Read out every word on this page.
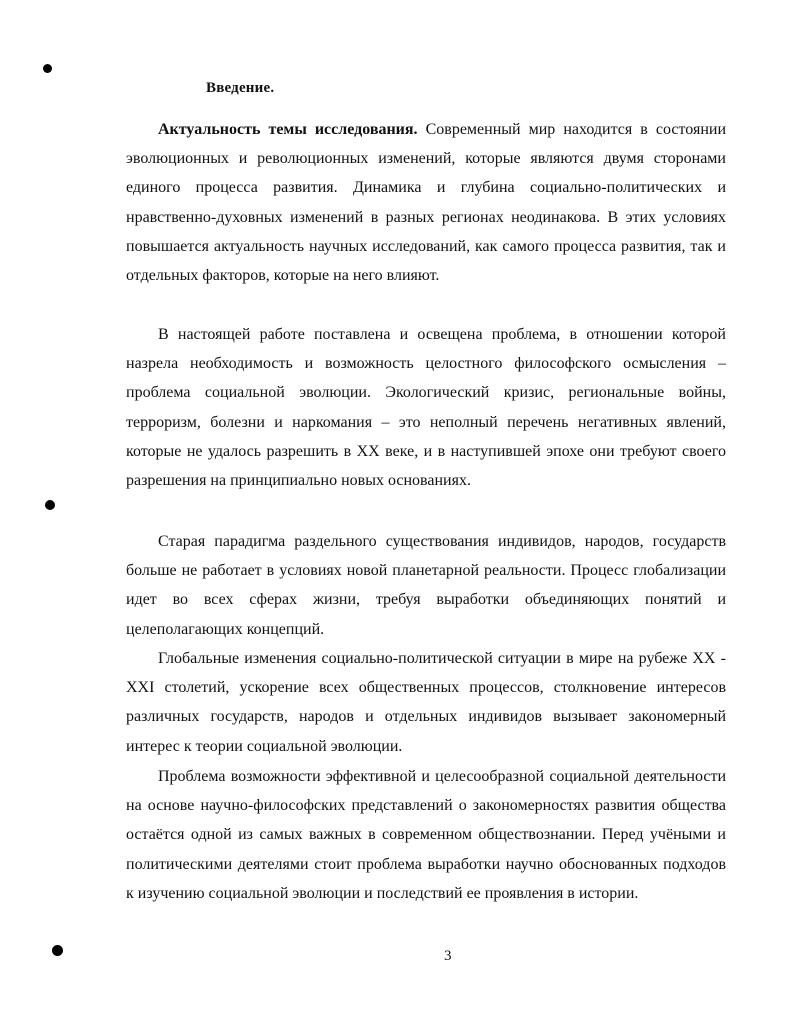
Введение.

Актуальность темы исследования. Современный мир находится в состоянии эволюционных и революционных изменений, которые являются двумя сторонами единого процесса развития. Динамика и глубина социально-политических и нравственно-духовных изменений в разных регионах неодинакова. В этих условиях повышается актуальность научных исследований, как самого процесса развития, так и отдельных факторов, которые на него влияют.

В настоящей работе поставлена и освещена проблема, в отношении которой назрела необходимость и возможность целостного философского осмысления – проблема социальной эволюции. Экологический кризис, региональные войны, терроризм, болезни и наркомания – это неполный перечень негативных явлений, которые не удалось разрешить в XX веке, и в наступившей эпохе они требуют своего разрешения на принципиально новых основаниях.

Старая парадигма раздельного существования индивидов, народов, государств больше не работает в условиях новой планетарной реальности. Процесс глобализации идет во всех сферах жизни, требуя выработки объединяющих понятий и целеполагающих концепций.

Глобальные изменения социально-политической ситуации в мире на рубеже XX - XXI столетий, ускорение всех общественных процессов, столкновение интересов различных государств, народов и отдельных индивидов вызывает закономерный интерес к теории социальной эволюции.

Проблема возможности эффективной и целесообразной социальной деятельности на основе научно-философских представлений о закономерностях развития общества остаётся одной из самых важных в современном обществознании. Перед учёными и политическими деятелями стоит проблема выработки научно обоснованных подходов к изучению социальной эволюции и последствий ее проявления в истории.

3
